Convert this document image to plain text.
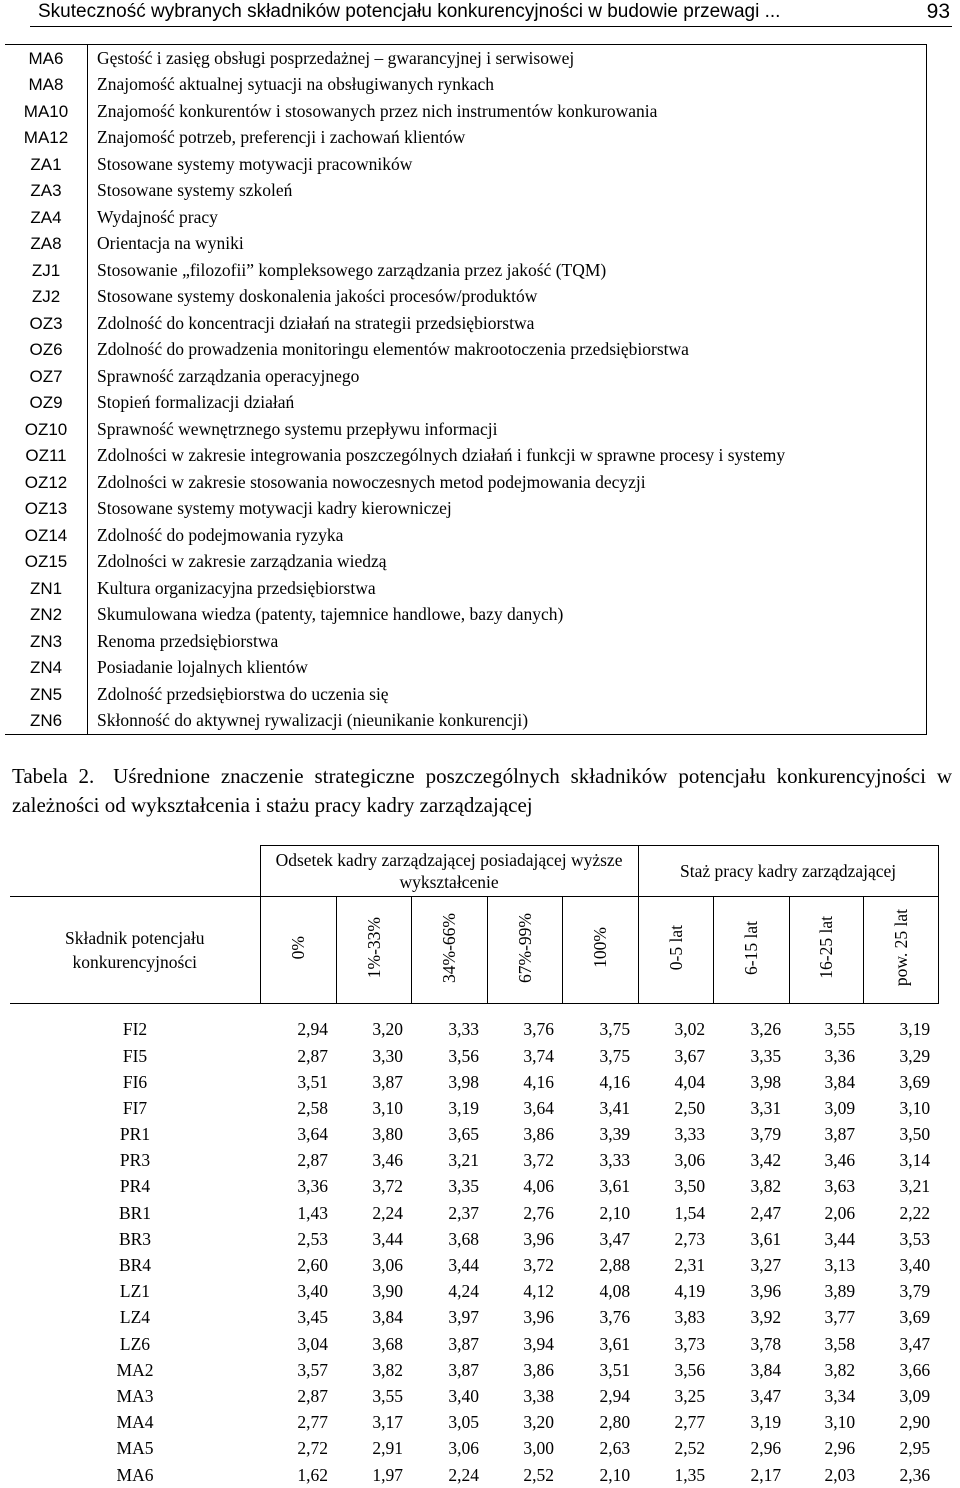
Skuteczność wybranych składników potencjału konkurencyjności w budowie przewagi ...	93
MA6	Gęstość i zasięg obsługi posprzedażnej – gwarancyjnej i serwisowej
MA8	Znajomość aktualnej sytuacji na obsługiwanych rynkach
MA10	Znajomość konkurentów i stosowanych przez nich instrumentów konkurowania
MA12	Znajomość potrzeb, preferencji i zachowań klientów
ZA1	Stosowane systemy motywacji pracowników
ZA3	Stosowane systemy szkoleń
ZA4	Wydajność pracy
ZA8	Orientacja na wyniki
ZJ1	Stosowanie „filozofii” kompleksowego zarządzania przez jakość (TQM)
ZJ2	Stosowane systemy doskonalenia jakości procesów/produktów
OZ3	Zdolność do koncentracji działań na strategii przedsiębiorstwa
OZ6	Zdolność do prowadzenia monitoringu elementów makrootoczenia przedsiębiorstwa
OZ7	Sprawność zarządzania operacyjnego
OZ9	Stopień formalizacji działań
OZ10	Sprawność wewnętrznego systemu przepływu informacji
OZ11	Zdolności w zakresie integrowania poszczególnych działań i funkcji w sprawne procesy i systemy
OZ12	Zdolności w zakresie stosowania nowoczesnych metod podejmowania decyzji
OZ13	Stosowane systemy motywacji kadry kierowniczej
OZ14	Zdolność do podejmowania ryzyka
OZ15	Zdolności w zakresie zarządzania wiedzą
ZN1	Kultura organizacyjna przedsiębiorstwa
ZN2	Skumulowana wiedza (patenty, tajemnice handlowe, bazy danych)
ZN3	Renoma przedsiębiorstwa
ZN4	Posiadanie lojalnych klientów
ZN5	Zdolność przedsiębiorstwa do uczenia się
ZN6	Skłonność do aktywnej rywalizacji (nieunikanie konkurencji)
Tabela 2. Uśrednione znaczenie strategiczne poszczególnych składników potencjału konkurencyjności w zależności od wykształcenia i stażu pracy kadry zarządzającej
	Odsetek kadry zarządzającej posiadającej wyższe wykształcenie					Staż pracy kadry zarządzającej			
Składnik potencjału konkurencyjności	0%	1%-33%	34%-66%	67%-99%	100%	0-5 lat	6-15 lat	16-25 lat	pow. 25 lat

FI2	2,94	3,20	3,33	3,76	3,75	3,02	3,26	3,55	3,19
FI5	2,87	3,30	3,56	3,74	3,75	3,67	3,35	3,36	3,29
FI6	3,51	3,87	3,98	4,16	4,16	4,04	3,98	3,84	3,69
FI7	2,58	3,10	3,19	3,64	3,41	2,50	3,31	3,09	3,10
PR1	3,64	3,80	3,65	3,86	3,39	3,33	3,79	3,87	3,50
PR3	2,87	3,46	3,21	3,72	3,33	3,06	3,42	3,46	3,14
PR4	3,36	3,72	3,35	4,06	3,61	3,50	3,82	3,63	3,21
BR1	1,43	2,24	2,37	2,76	2,10	1,54	2,47	2,06	2,22
BR3	2,53	3,44	3,68	3,96	3,47	2,73	3,61	3,44	3,53
BR4	2,60	3,06	3,44	3,72	2,88	2,31	3,27	3,13	3,40
LZ1	3,40	3,90	4,24	4,12	4,08	4,19	3,96	3,89	3,79
LZ4	3,45	3,84	3,97	3,96	3,76	3,83	3,92	3,77	3,69
LZ6	3,04	3,68	3,87	3,94	3,61	3,73	3,78	3,58	3,47
MA2	3,57	3,82	3,87	3,86	3,51	3,56	3,84	3,82	3,66
MA3	2,87	3,55	3,40	3,38	2,94	3,25	3,47	3,34	3,09
MA4	2,77	3,17	3,05	3,20	2,80	2,77	3,19	3,10	2,90
MA5	2,72	2,91	3,06	3,00	2,63	2,52	2,96	2,96	2,95
MA6	1,62	1,97	2,24	2,52	2,10	1,35	2,17	2,03	2,36
